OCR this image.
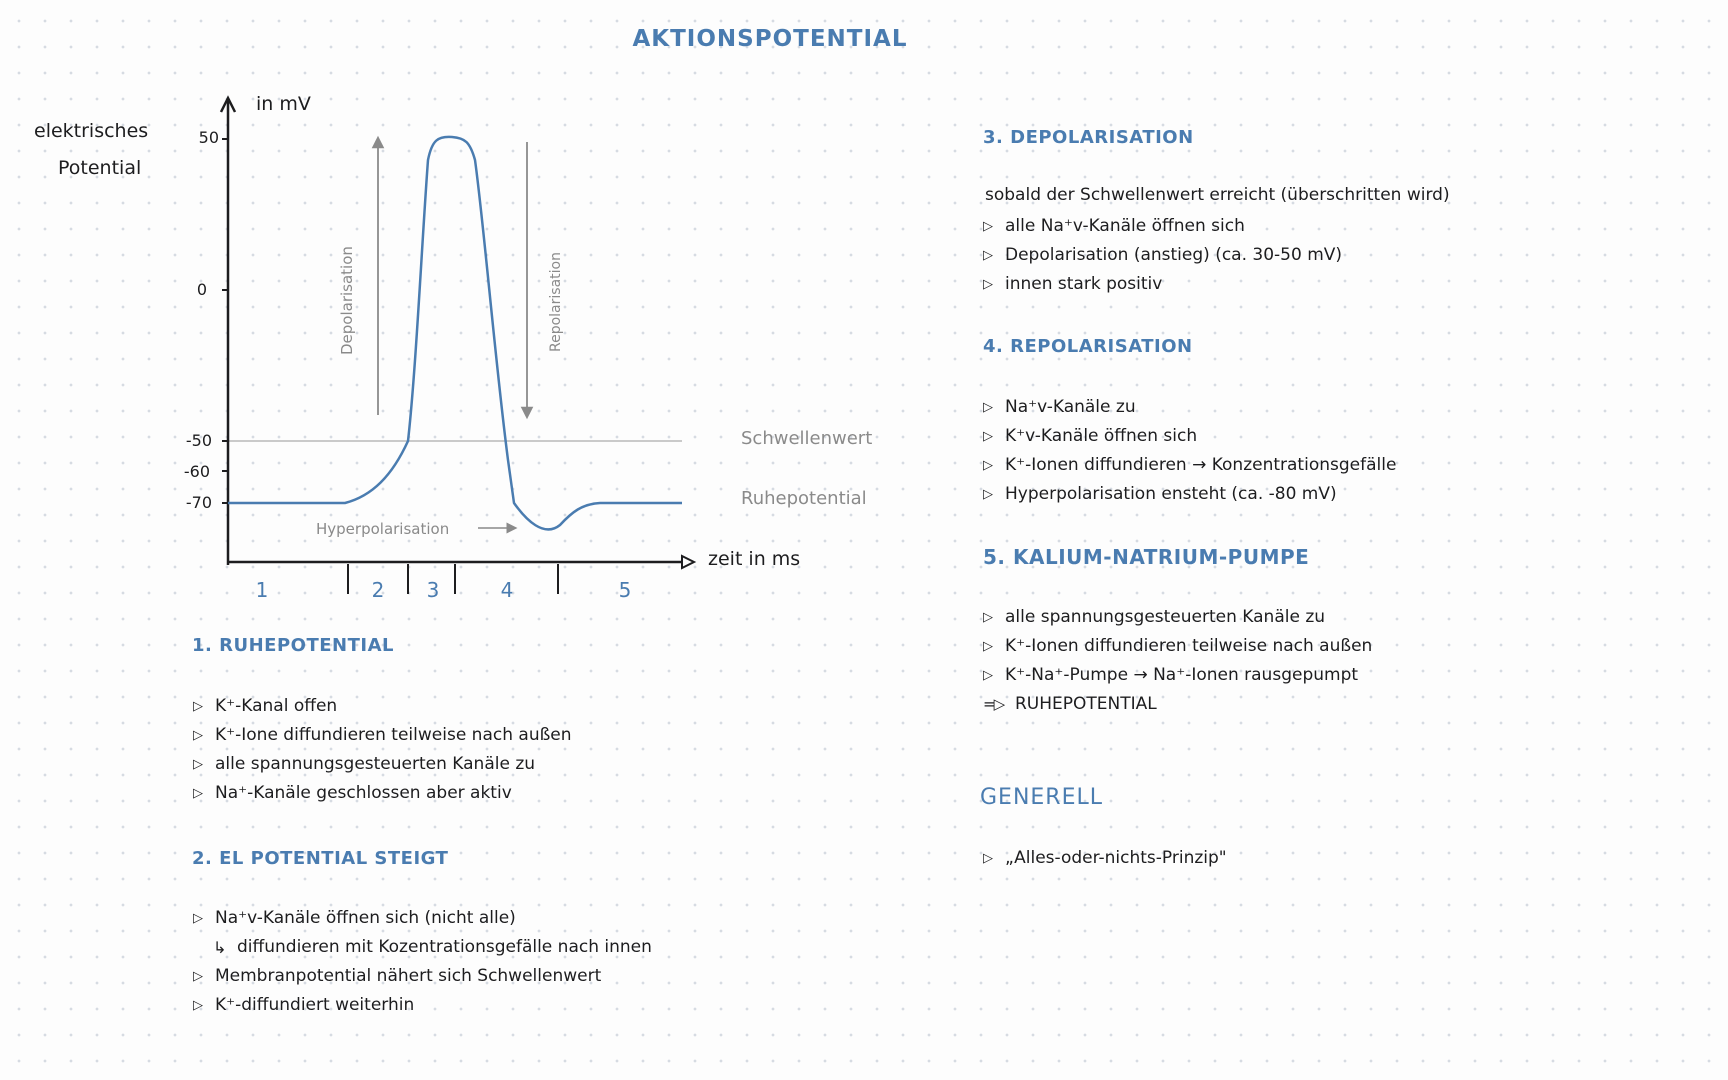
AKTIONSPOTENTIAL
elektrisches
Potential
50
0
-50
-60
-70
in mV
zeit in ms
1	2 3	4	5
Depolarisation	Repolarisation
Hyperpolarisation
Schwellenwert
Ruhepotential
1. RUHEPOTENTIAL
▷ K⁺-Kanal offen
▷ K⁺-Ione diffundieren teilweise nach außen
▷ alle spannungsgesteuerten Kanäle zu
▷ Na⁺-Kanäle geschlossen aber aktiv
2. EL POTENTIAL STEIGT
▷ Na⁺v-Kanäle öffnen sich (nicht alle)
↳ diffundieren mit Kozentrationsgefälle nach innen
▷ Membranpotential nähert sich Schwellenwert
▷ K⁺-diffundiert weiterhin
3. DEPOLARISATION

sobald der Schwellenwert erreicht (überschritten wird)

▷ alle Na⁺v-Kanäle öffnen sich
▷ Depolarisation (anstieg) (ca. 30-50 mV)
▷ innen stark positiv
4. REPOLARISATION
▷ Na⁺v-Kanäle zu
▷ K⁺v-Kanäle öffnen sich
▷ K⁺-Ionen diffundieren → Konzentrationsgefälle
▷ Hyperpolarisation ensteht (ca. -80 mV)
5. KALIUM-NATRIUM-PUMPE
▷ alle spannungsgesteuerten Kanäle zu
▷ K⁺-Ionen diffundieren teilweise nach außen
▷ K⁺-Na⁺-Pumpe → Na⁺-Ionen rausgepumpt
=▷ RUHEPOTENTIAL
GENERELL
▷ „Alles-oder-nichts-Prinzip"
